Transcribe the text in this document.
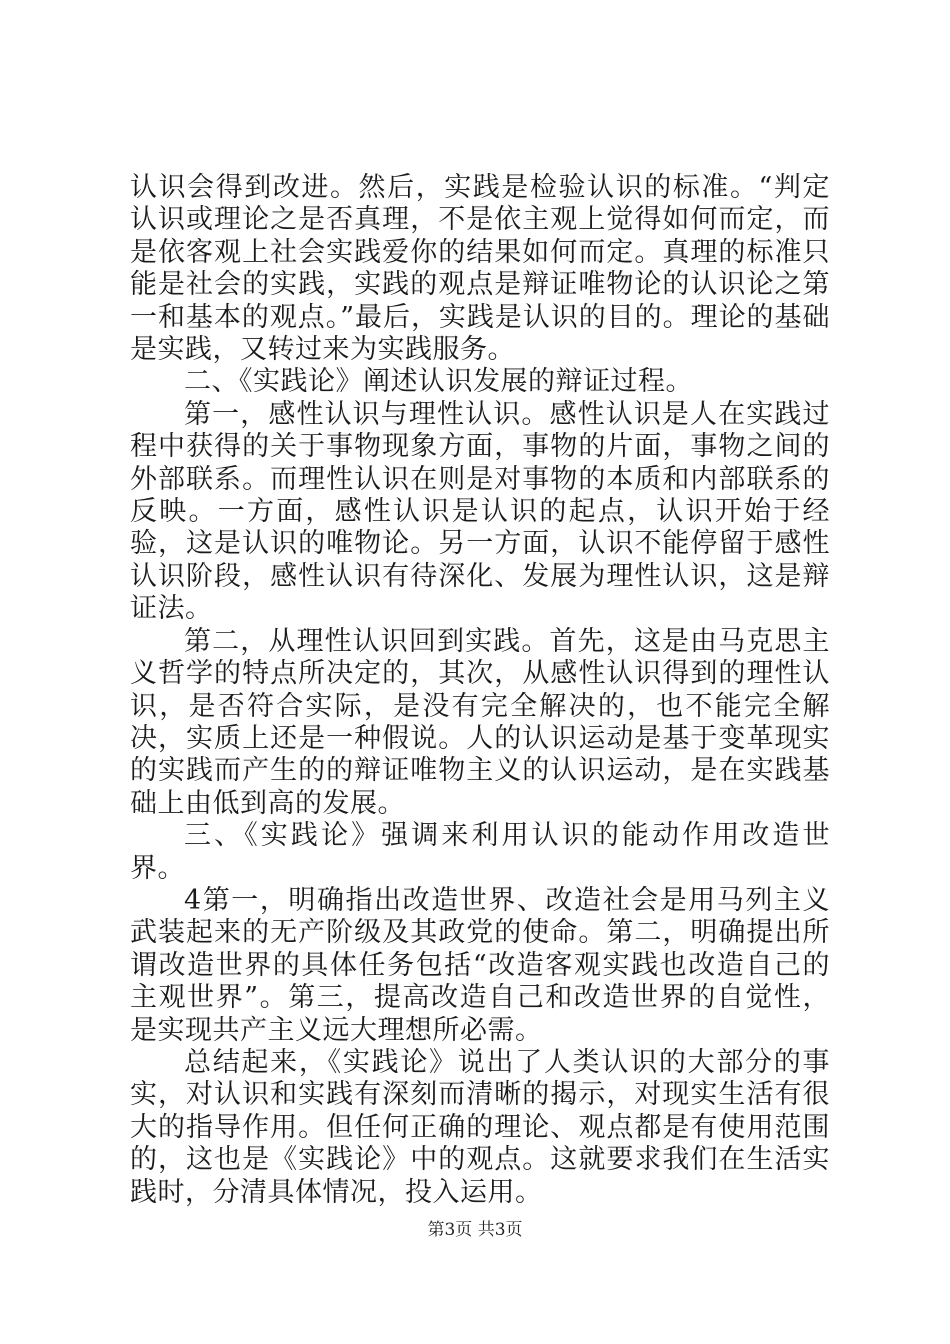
认识会得到改进。然后，实践是检验认识的标准。“判定认识或理论之是否真理，不是依主观上觉得如何而定，而是依客观上社会实践爱你的结果如何而定。真理的标准只能是社会的实践，实践的观点是辩证唯物论的认识论之第一和基本的观点。”最后，实践是认识的目的。理论的基础是实践，又转过来为实践服务。

二、《实践论》阐述认识发展的辩证过程。

第一，感性认识与理性认识。感性认识是人在实践过程中获得的关于事物现象方面，事物的片面，事物之间的外部联系。而理性认识在则是对事物的本质和内部联系的反映。一方面，感性认识是认识的起点，认识开始于经验，这是认识的唯物论。另一方面，认识不能停留于感性认识阶段，感性认识有待深化、发展为理性认识，这是辩证法。

第二，从理性认识回到实践。首先，这是由马克思主义哲学的特点所决定的，其次，从感性认识得到的理性认识，是否符合实际，是没有完全解决的，也不能完全解决，实质上还是一种假说。人的认识运动是基于变革现实的实践而产生的的辩证唯物主义的认识运动，是在实践基础上由低到高的发展。

三、《实践论》强调来利用认识的能动作用改造世界。

4第一，明确指出改造世界、改造社会是用马列主义武装起来的无产阶级及其政党的使命。第二，明确提出所谓改造世界的具体任务包括“改造客观实践也改造自己的主观世界”。第三，提高改造自己和改造世界的自觉性，是实现共产主义远大理想所必需。

总结起来，《实践论》说出了人类认识的大部分的事实，对认识和实践有深刻而清晰的揭示，对现实生活有很大的指导作用。但任何正确的理论、观点都是有使用范围的，这也是《实践论》中的观点。这就要求我们在生活实践时，分清具体情况，投入运用。

第3页 共3页
